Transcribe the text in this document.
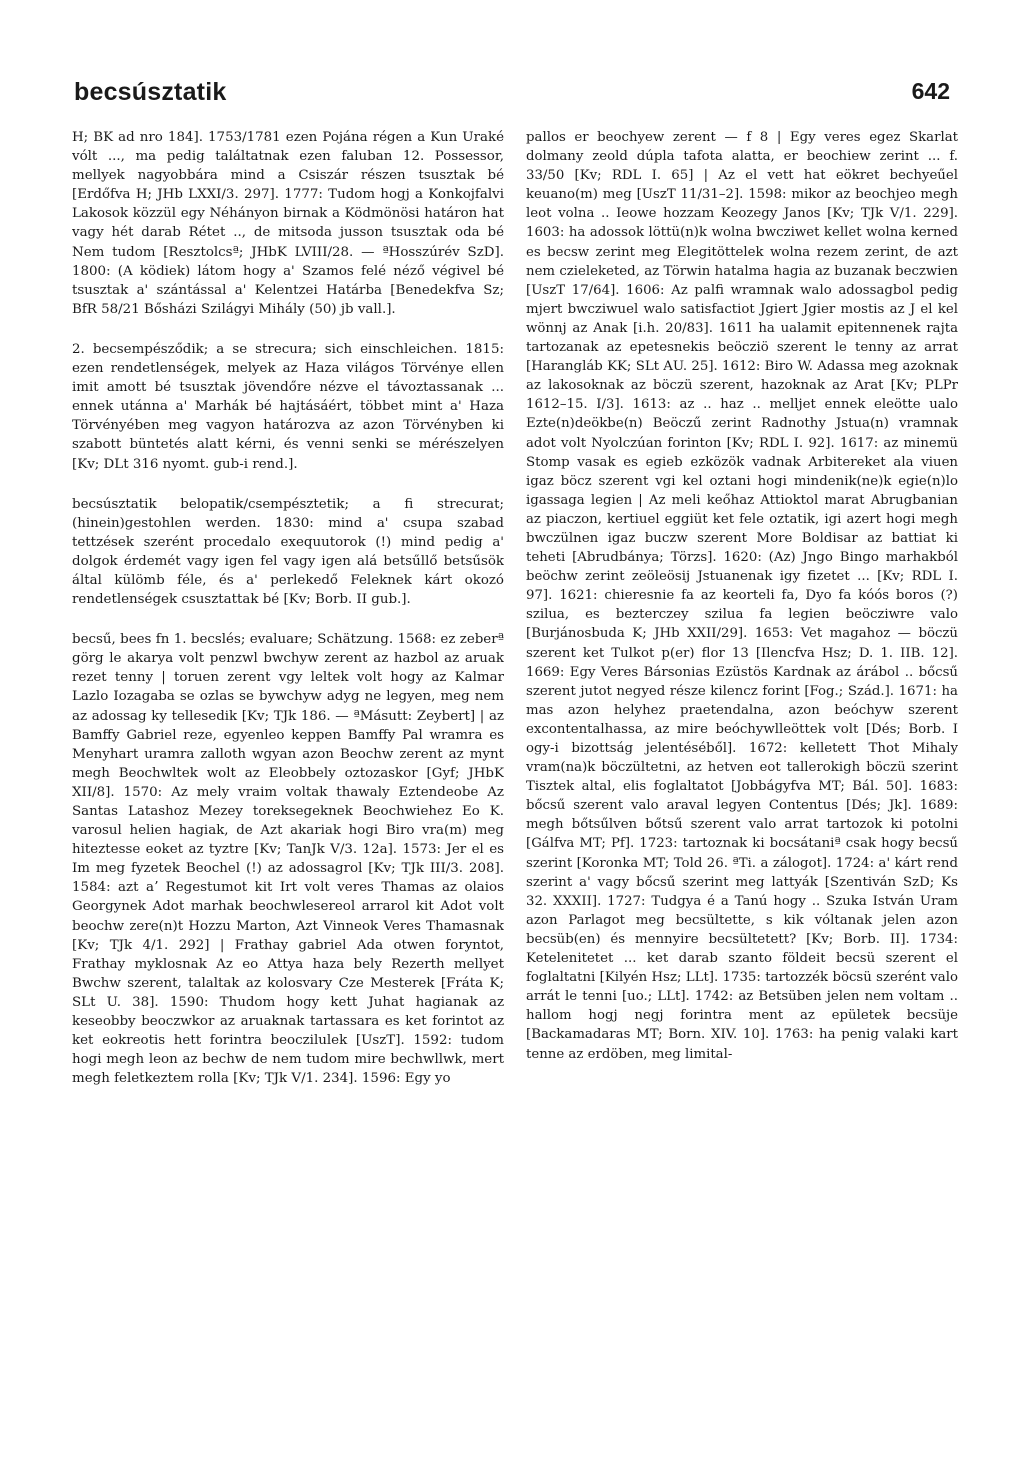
becsúsztatik	642

H; BK ad nro 184]. 1753/1781 ezen Pojána régen a Kun Uraké vólt ..., ma pedig találtatnak ezen faluban 12. Possessor, mellyek nagyobbára mind a Csiszár részen tsusztak bé [Erdőfva H; JHb LXXI/3. 297]. 1777: Tudom hogj a Konkojfalvi Lakosok közzül egy Néhányon birnak a Ködmönösi határon hat vagy hét darab Rétet .., de mitsoda jusson tsusztak oda bé Nem tudom [Resztolcsª; JHbK LVIII/28. — ªHosszúrév SzD]. 1800: (A ködiek) látom hogy a' Szamos felé néző végivel bé tsusztak a' szántással a' Kelentzei Határba [Benedekfva Sz; BfR 58/21 Bősházi Szilágyi Mihály (50) jb vall.].

2. becsempésződik; a se strecura; sich einschleichen. 1815: ezen rendetlenségek, melyek az Haza világos Törvénye ellen imit amott bé tsusztak jövendőre nézve el távoztassanak ... ennek utánna a' Marhák bé hajtásáért, többet mint a' Haza Törvényében meg vagyon határozva az azon Törvényben ki szabott büntetés alatt kérni, és venni senki se mérészelyen [Kv; DLt 316 nyomt. gub-i rend.].

becsúsztatik belopatik/csempésztetik; a fi strecurat; (hinein)gestohlen werden. 1830: mind a' csupa szabad tettzések szerént procedalo exequutorok (!) mind pedig a' dolgok érdemét vagy igen fel vagy igen alá betsűllő betsűsök által külömb féle, és a' perlekedő Feleknek kárt okozó rendetlenségek csusztattak bé [Kv; Borb. II gub.].

becsű, bees fn 1. becslés; evaluare; Schätzung. 1568: ez zeberª görg le akarya volt penzwl bwchyw zerent az hazbol az aruak rezet tenny | toruen zerent vgy leltek volt hogy az Kalmar Lazlo Iozagaba se ozlas se bywchyw adyg ne legyen, meg nem az adossag ky tellesedik [Kv; TJk 186. — ªMásutt: Zeybert] | az Bamffy Gabriel reze, egyenleo keppen Bamffy Pal wramra es Menyhart uramra zalloth wgyan azon Beochw zerent az mynt megh Beochwltek wolt az Eleobbely oztozaskor [Gyf; JHbK XII/8]. 1570: Az mely vraim voltak thawaly Eztendeobe Az Santas Latashoz Mezey toreksegeknek Beochwiehez Eo K. varosul helien hagiak, de Azt akariak hogi Biro vra(m) meg hiteztesse eoket az tyztre [Kv; TanJk V/3. 12a]. 1573: Jer el es Im meg fyzetek Beochel (!) az adossagrol [Kv; TJk III/3. 208]. 1584: azt aʼ Regestumot kit Irt volt veres Thamas az olaios Georgynek Adot marhak beochwlesereol arrarol kit Adot volt beochw zere(n)t Hozzu Marton, Azt Vinneok Veres Thamasnak [Kv; TJk 4/1. 292] | Frathay gabriel Ada otwen foryntot, Frathay myklosnak Az eo Attya haza bely Rezerth mellyet Bwchw szerent, talaltak az kolosvary Cze Mesterek [Fráta K; SLt U. 38]. 1590: Thudom hogy kett Juhat hagianak az keseobby beoczwkor az aruaknak tartassara es ket forintot az ket eokreotis hett forintra beoczilulek [UszT]. 1592: tudom hogi megh leon az bechw de nem tudom mire bechwllwk, mert megh feletkeztem rolla [Kv; TJk V/1. 234]. 1596: Egy yo

pallos er beochyew zerent — f 8 | Egy veres egez Skarlat dolmany zeold dúpla tafota alatta, er beochiew zerint ... f. 33/50 [Kv; RDL I. 65] | Az el vett hat eökret bechyeűel keuano(m) meg [UszT 11/31–2]. 1598: mikor az beochjeo megh leot volna .. Ieowe hozzam Keozegy Janos [Kv; TJk V/1. 229]. 1603: ha adossok löttü(n)k wolna bwcziwet kellet wolna kerned es becsw zerint meg Elegitöttelek wolna rezem zerint, de azt nem czieleketed, az Törwin hatalma hagia az buzanak beczwien [UszT 17/64]. 1606: Az palfi wramnak walo adossagbol pedig mjert bwcziwuel walo satisfactiot Jgiert Jgier mostis az J el kel wönnj az Anak [i.h. 20/83]. 1611 ha ualamit epitennenek rajta tartozanak az epetesnekis beöcziö szerent le tenny az arrat [Harangláb KK; SLt AU. 25]. 1612: Biro W. Adassa meg azoknak az lakosoknak az böczü szerent, hazoknak az Arat [Kv; PLPr 1612–15. I/3]. 1613: az .. haz .. melljet ennek eleötte ualo Ezte(n)deökbe(n) Beöczű zerint Radnothy Jstua(n) vramnak adot volt Nyolczúan forinton [Kv; RDL I. 92]. 1617: az minemü Stomp vasak es egieb ezközök vadnak Arbitereket ala viuen igaz böcz szerent vgi kel oztani hogi mindenik(ne)k egie(n)lo igassaga legien | Az meli keőhaz Attioktol marat Abrugbanian az piaczon, kertiuel eggiüt ket fele oztatik, igi azert hogi megh bwczülnen igaz buczw szerent More Boldisar az battiat ki teheti [Abrudbánya; Törzs]. 1620: (Az) Jngo Bingo marhakból beöchw zerint zeöleösij Jstuanenak igy fizetet ... [Kv; RDL I. 97]. 1621: chieresnie fa az keorteli fa, Dyo fa kóós boros (?) szilua, es bezterczey szilua fa legien beöcziwre valo [Burjánosbuda K; JHb XXII/29]. 1653: Vet magahoz — böczü szerent ket Tulkot p(er) flor 13 [Ilencfva Hsz; D. 1. IIB. 12]. 1669: Egy Veres Bársonias Ezüstös Kardnak az árábol .. bőcsű szerent jutot negyed része kilencz forint [Fog.; Szád.]. 1671: ha mas azon helyhez praetendalna, azon beóchyw szerent excontentalhassa, az mire beóchywlleöttek volt [Dés; Borb. I ogy-i bizottság jelentéséből]. 1672: kelletett Thot Mihaly vram(na)k böczültetni, az hetven eot tallerokigh böczü szerint Tisztek altal, elis foglaltatot [Jobbágyfva MT; Bál. 50]. 1683: bőcsű szerent valo araval legyen Contentus [Dés; Jk]. 1689: megh bőtsűlven bőtsű szerent valo arrat tartozok ki potolni [Gálfva MT; Pf]. 1723: tartoznak ki bocsátaniª csak hogy becsű szerint [Koronka MT; Told 26. ªTi. a zálogot]. 1724: a' kárt rend szerint a' vagy bőcsű szerint meg lattyák [Szentiván SzD; Ks 32. XXXII]. 1727: Tudgya é a Tanú hogy .. Szuka István Uram azon Parlagot meg becsültette, s kik vóltanak jelen azon becsüb(en) és mennyire becsültetett? [Kv; Borb. II]. 1734: Ketelenitetet ... ket darab szanto földeit becsü szerent el foglaltatni [Kilyén Hsz; LLt]. 1735: tartozzék böcsü szerént valo arrát le tenni [uo.; LLt]. 1742: az Betsüben jelen nem voltam .. hallom hogj negj forintra ment az epületek becsüje [Backamadaras MT; Born. XIV. 10]. 1763: ha penig valaki kart tenne az erdöben, meg limital-
